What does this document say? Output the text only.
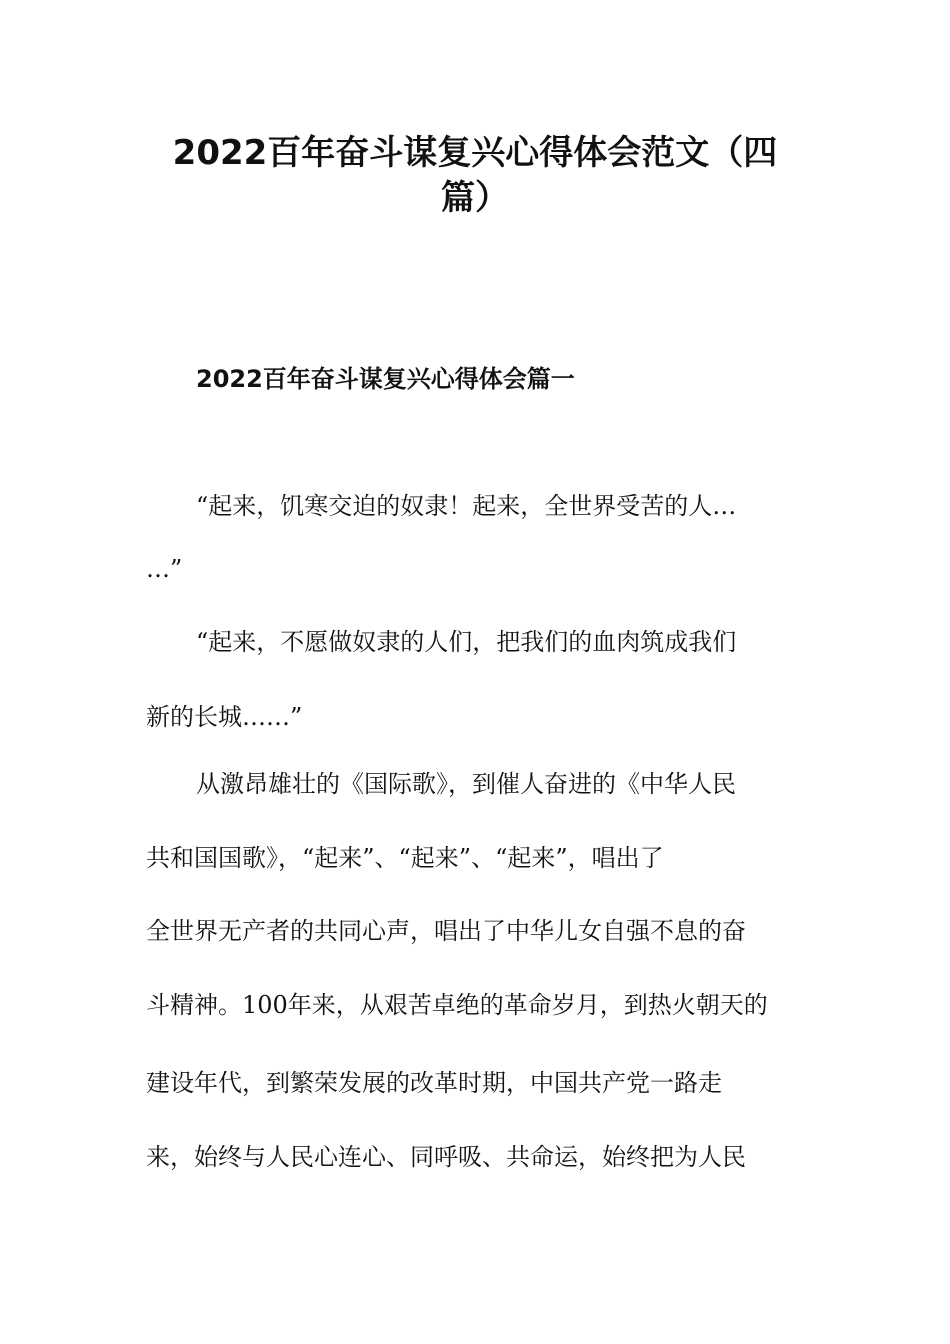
2022百年奋斗谋复兴心得体会范文（四
篇）
2022百年奋斗谋复兴心得体会篇一
“起来，饥寒交迫的奴隶！起来，全世界受苦的人…
…”
“起来，不愿做奴隶的人们，把我们的血肉筑成我们
新的长城……”
从激昂雄壮的《国际歌》，到催人奋进的《中华人民
共和国国歌》，“起来”、“起来”、“起来”，唱出了
全世界无产者的共同心声，唱出了中华儿女自强不息的奋
斗精神。100年来，从艰苦卓绝的革命岁月，到热火朝天的
建设年代，到繁荣发展的改革时期，中国共产党一路走
来，始终与人民心连心、同呼吸、共命运，始终把为人民
